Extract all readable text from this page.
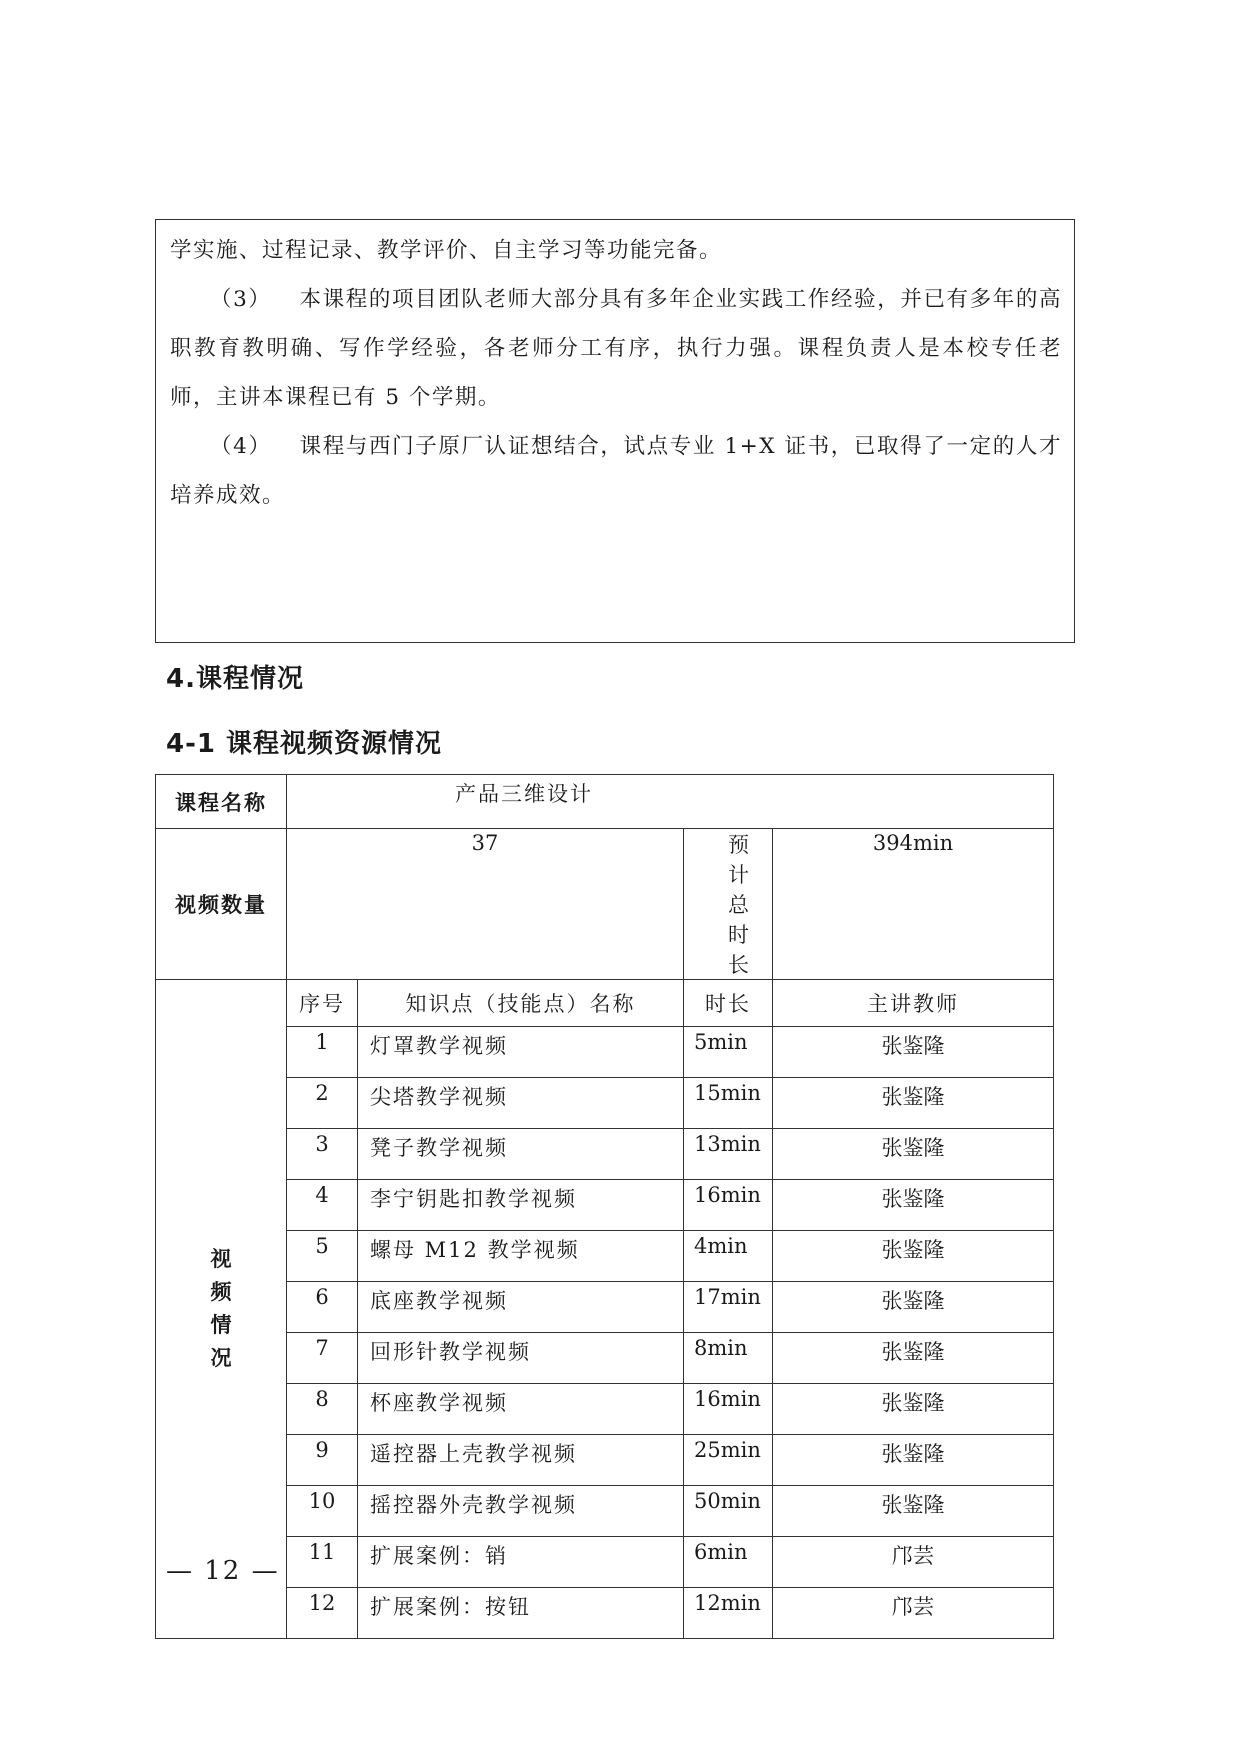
学实施、过程记录、教学评价、自主学习等功能完备。

（3） 本课程的项目团队老师大部分具有多年企业实践工作经验，并已有多年的高职教育教明确、写作学经验，各老师分工有序，执行力强。课程负责人是本校专任老师，主讲本课程已有 5 个学期。

（4） 课程与西门子原厂认证想结合，试点专业 1+X 证书，已取得了一定的人才培养成效。

4.课程情况
4-1 课程视频资源情况
课程名称	产品三维设计			
视频数量	37		预计总时长	394min

视
频
情
况	序号	知识点（技能点）名称	时长	主讲教师
	1	灯罩教学视频	5min	张鉴隆
	2	尖塔教学视频	15min	张鉴隆
	3	凳子教学视频	13min	张鉴隆
	4	李宁钥匙扣教学视频	16min	张鉴隆
	5	螺母 M12 教学视频	4min	张鉴隆
	6	底座教学视频	17min	张鉴隆
	7	回形针教学视频	8min	张鉴隆
	8	杯座教学视频	16min	张鉴隆
	9	遥控器上壳教学视频	25min	张鉴隆
	10	摇控器外壳教学视频	50min	张鉴隆
	11	扩展案例：销	6min	邝芸
	12	扩展案例：按钮	12min	邝芸
— 12 —
